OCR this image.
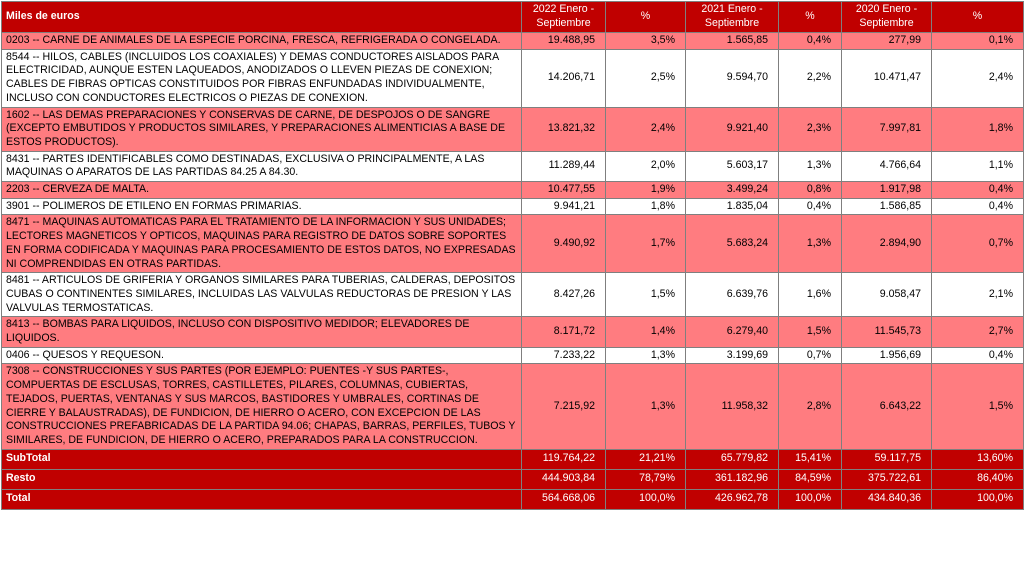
Miles de euros	2022 Enero - Septiembre	%	2021 Enero - Septiembre	%	2020 Enero - Septiembre	%
0203 -- CARNE DE ANIMALES DE LA ESPECIE PORCINA, FRESCA, REFRIGERADA O CONGELADA.	19.488,95	3,5%	1.565,85	0,4%	277,99	0,1%
8544 -- HILOS, CABLES (INCLUIDOS LOS COAXIALES) Y DEMAS CONDUCTORES AISLADOS PARA ELECTRICIDAD, AUNQUE ESTEN LAQUEADOS, ANODIZADOS O LLEVEN PIEZAS DE CONEXION; CABLES DE FIBRAS OPTICAS CONSTITUIDOS POR FIBRAS ENFUNDADAS INDIVIDUALMENTE, INCLUSO CON CONDUCTORES ELECTRICOS O PIEZAS DE CONEXION.	14.206,71	2,5%	9.594,70	2,2%	10.471,47	2,4%
1602 -- LAS DEMAS PREPARACIONES Y CONSERVAS DE CARNE, DE DESPOJOS O DE SANGRE (EXCEPTO EMBUTIDOS Y PRODUCTOS SIMILARES, Y PREPARACIONES ALIMENTICIAS A BASE DE ESTOS PRODUCTOS).	13.821,32	2,4%	9.921,40	2,3%	7.997,81	1,8%
8431 -- PARTES IDENTIFICABLES COMO DESTINADAS, EXCLUSIVA O PRINCIPALMENTE, A LAS MAQUINAS O APARATOS DE LAS PARTIDAS 84.25 A 84.30.	11.289,44	2,0%	5.603,17	1,3%	4.766,64	1,1%
2203 -- CERVEZA DE MALTA.	10.477,55	1,9%	3.499,24	0,8%	1.917,98	0,4%
3901 -- POLIMEROS DE ETILENO EN FORMAS PRIMARIAS.	9.941,21	1,8%	1.835,04	0,4%	1.586,85	0,4%
8471 -- MAQUINAS AUTOMATICAS PARA EL TRATAMIENTO DE LA INFORMACION Y SUS UNIDADES; LECTORES MAGNETICOS Y OPTICOS, MAQUINAS PARA REGISTRO DE DATOS SOBRE SOPORTES EN FORMA CODIFICADA Y MAQUINAS PARA PROCESAMIENTO DE ESTOS DATOS, NO EXPRESADAS NI COMPRENDIDAS EN OTRAS PARTIDAS.	9.490,92	1,7%	5.683,24	1,3%	2.894,90	0,7%
8481 -- ARTICULOS DE GRIFERIA Y ORGANOS SIMILARES PARA TUBERIAS, CALDERAS, DEPOSITOS CUBAS O CONTINENTES SIMILARES, INCLUIDAS LAS VALVULAS REDUCTORAS DE PRESION Y LAS VALVULAS TERMOSTATICAS.	8.427,26	1,5%	6.639,76	1,6%	9.058,47	2,1%
8413 -- BOMBAS PARA LIQUIDOS, INCLUSO CON DISPOSITIVO MEDIDOR; ELEVADORES DE LIQUIDOS.	8.171,72	1,4%	6.279,40	1,5%	11.545,73	2,7%
0406 -- QUESOS Y REQUESON.	7.233,22	1,3%	3.199,69	0,7%	1.956,69	0,4%
7308 -- CONSTRUCCIONES Y SUS PARTES (POR EJEMPLO: PUENTES -Y SUS PARTES-, COMPUERTAS DE ESCLUSAS, TORRES, CASTILLETES, PILARES, COLUMNAS, CUBIERTAS, TEJADOS, PUERTAS, VENTANAS Y SUS MARCOS, BASTIDORES Y UMBRALES, CORTINAS DE CIERRE Y BALAUSTRADAS), DE FUNDICION, DE HIERRO O ACERO, CON EXCEPCION DE LAS CONSTRUCCIONES PREFABRICADAS DE LA PARTIDA 94.06; CHAPAS, BARRAS, PERFILES, TUBOS Y SIMILARES, DE FUNDICION, DE HIERRO O ACERO, PREPARADOS PARA LA CONSTRUCCION.	7.215,92	1,3%	11.958,32	2,8%	6.643,22	1,5%
SubTotal	119.764,22	21,21%	65.779,82	15,41%	59.117,75	13,60%
Resto	444.903,84	78,79%	361.182,96	84,59%	375.722,61	86,40%
Total	564.668,06	100,0%	426.962,78	100,0%	434.840,36	100,0%
